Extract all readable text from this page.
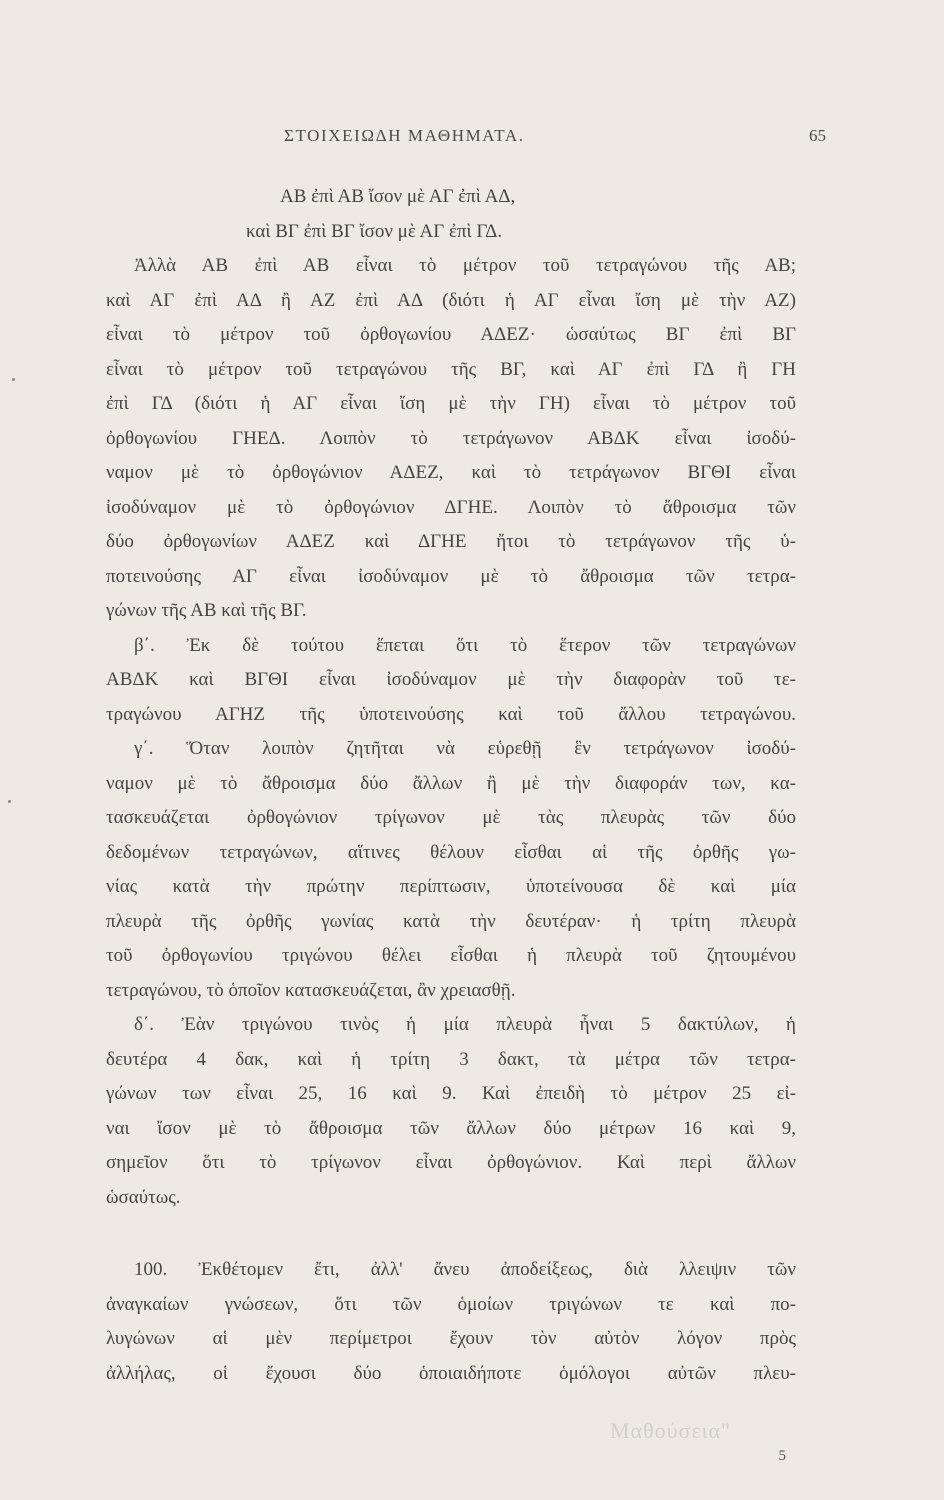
ΣΤΟΙΧΕΙΩΔΗ ΜΑΘΗΜΑΤΑ.	65
ΑΒ ἐπὶ ΑΒ ἴσον μὲ ΑΓ ἐπὶ ΑΔ,
καὶ ΒΓ ἐπὶ ΒΓ ἴσον μὲ ΑΓ ἐπὶ ΓΔ.
Ἀλλὰ ΑΒ ἐπὶ ΑΒ εἶναι τὸ μέτρον τοῦ τετραγώνου τῆς ΑΒ;
καὶ ΑΓ ἐπὶ ΑΔ ἢ ΑΖ ἐπὶ ΑΔ (διότι ἡ ΑΓ εἶναι ἴση μὲ τὴν ΑΖ)
εἶναι τὸ μέτρον τοῦ ὀρθογωνίου ΑΔΕΖ· ὡσαύτως ΒΓ ἐπὶ ΒΓ
εἶναι τὸ μέτρον τοῦ τετραγώνου τῆς ΒΓ, καὶ ΑΓ ἐπὶ ΓΔ ἢ ΓΗ
ἐπὶ ΓΔ (διότι ἡ ΑΓ εἶναι ἴση μὲ τὴν ΓΗ) εἶναι τὸ μέτρον τοῦ
ὀρθογωνίου ΓΗΕΔ. Λοιπὸν τὸ τετράγωνον ΑΒΔΚ εἶναι ἰσοδύ-
ναμον μὲ τὸ ὀρθογώνιον ΑΔΕΖ, καὶ τὸ τετράγωνον ΒΓΘΙ εἶναι
ἰσοδύναμον μὲ τὸ ὀρθογώνιον ΔΓΗΕ. Λοιπὸν τὸ ἄθροισμα τῶν
δύο ὀρθογωνίων ΑΔΕΖ καὶ ΔΓΗΕ ἤτοι τὸ τετράγωνον τῆς ὑ-
ποτεινούσης ΑΓ εἶναι ἰσοδύναμον μὲ τὸ ἄθροισμα τῶν τετρα-
γώνων τῆς ΑΒ καὶ τῆς ΒΓ.
β΄. Ἐκ δὲ τούτου ἕπεται ὅτι τὸ ἕτερον τῶν τετραγώνων
ΑΒΔΚ καὶ ΒΓΘΙ εἶναι ἰσοδύναμον μὲ τὴν διαφορὰν τοῦ τε-
τραγώνου ΑΓΗΖ τῆς ὑποτεινούσης καὶ τοῦ ἄλλου τετραγώνου.
γ΄. Ὅταν λοιπὸν ζητῆται νὰ εὑρεθῇ ἓν τετράγωνον ἰσοδύ-
ναμον μὲ τὸ ἄθροισμα δύο ἄλλων ἢ μὲ τὴν διαφοράν των, κα-
τασκευάζεται ὀρθογώνιον τρίγωνον μὲ τὰς πλευρὰς τῶν δύο
δεδομένων τετραγώνων, αἵτινες θέλουν εἶσθαι αἱ τῆς ὀρθῆς γω-
νίας κατὰ τὴν πρώτην περίπτωσιν, ὑποτείνουσα δὲ καὶ μία
πλευρὰ τῆς ὀρθῆς γωνίας κατὰ τὴν δευτέραν· ἡ τρίτη πλευρὰ
τοῦ ὀρθογωνίου τριγώνου θέλει εἶσθαι ἡ πλευρὰ τοῦ ζητουμένου
τετραγώνου, τὸ ὁποῖον κατασκευάζεται, ἂν χρειασθῇ.
δ΄. Ἐὰν τριγώνου τινὸς ἡ μία πλευρὰ ἦναι 5 δακτύλων, ἡ
δευτέρα 4 δακ, καὶ ἡ τρίτη 3 δακτ, τὰ μέτρα τῶν τετρα-
γώνων των εἶναι 25, 16 καὶ 9. Καὶ ἐπειδὴ τὸ μέτρον 25 εἰ-
ναι ἴσον μὲ τὸ ἄθροισμα τῶν ἄλλων δύο μέτρων 16 καὶ 9,
σημεῖον ὅτι τὸ τρίγωνον εἶναι ὀρθογώνιον. Καὶ περὶ ἄλλων
ὡσαύτως.
100. Ἐκθέτομεν ἔτι, ἀλλ' ἄνευ ἀποδείξεως, διὰ λλειψιν τῶν
ἀναγκαίων γνώσεων, ὅτι τῶν ὁμοίων τριγώνων τε καὶ πο-
λυγώνων αἱ μὲν περίμετροι ἔχουν τὸν αὐτὸν λόγον πρὸς
ἀλλήλας, οἱ ἔχουσι δύο ὁποιαιδήποτε ὁμόλογοι αὐτῶν πλευ-
Μαθούσεια"
5
